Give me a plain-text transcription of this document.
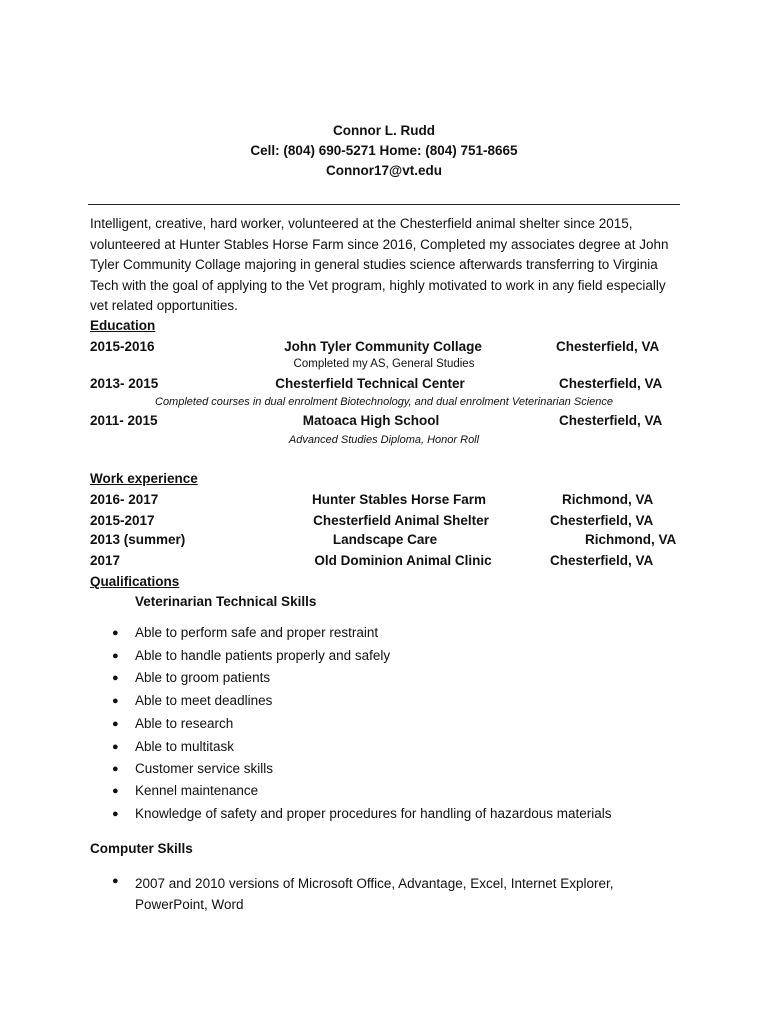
Connor L. Rudd
Cell: (804) 690-5271 Home: (804) 751-8665
Connor17@vt.edu
Intelligent, creative, hard worker, volunteered at the Chesterfield animal shelter since 2015, volunteered at Hunter Stables Horse Farm since 2016, Completed my associates degree at John Tyler Community Collage majoring in general studies science afterwards transferring to Virginia Tech with the goal of applying to the Vet program, highly motivated to work in any field especially vet related opportunities.
Education
2015-2016	John Tyler Community Collage	Chesterfield, VA
Completed my AS, General Studies
2013- 2015	Chesterfield Technical Center	Chesterfield, VA
Completed courses in dual enrolment Biotechnology, and dual enrolment Veterinarian Science
2011- 2015	Matoaca High School	Chesterfield, VA
Advanced Studies Diploma, Honor Roll
Work experience
2016- 2017	Hunter Stables Horse Farm	Richmond, VA
2015-2017	Chesterfield Animal Shelter	Chesterfield, VA
2013 (summer)	Landscape Care	Richmond, VA
2017	Old Dominion Animal Clinic	Chesterfield, VA
Qualifications
Veterinarian Technical Skills
● Able to perform safe and proper restraint
● Able to handle patients properly and safely
● Able to groom patients
● Able to meet deadlines
● Able to research
● Able to multitask
● Customer service skills
● Kennel maintenance
● Knowledge of safety and proper procedures for handling of hazardous materials
Computer Skills
● 2007 and 2010 versions of Microsoft Office, Advantage, Excel, Internet Explorer, PowerPoint, Word
